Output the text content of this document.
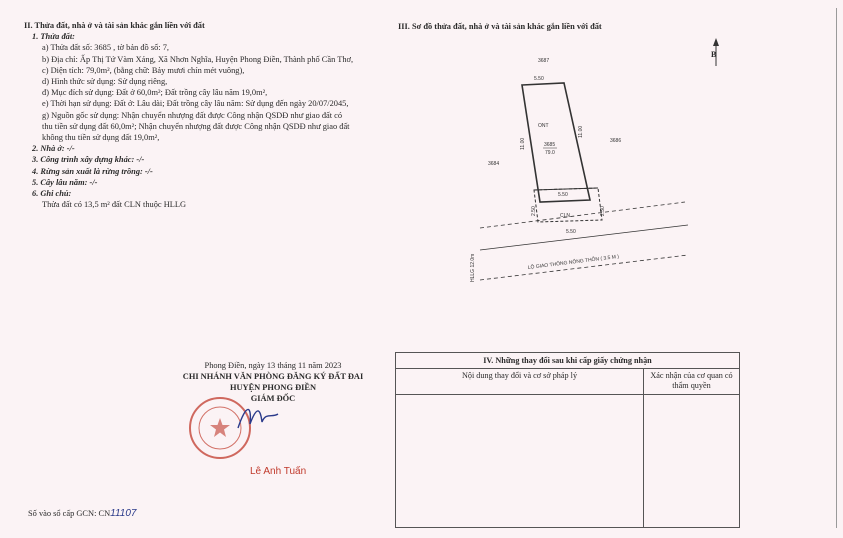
II. Thửa đất, nhà ở và tài sản khác gắn liền với đất
1. Thửa đất:
a) Thửa đất số: 3685 , tờ bản đồ số: 7,
b) Địa chỉ: Ấp Thị Tứ Vàm Xáng, Xã Nhơn Nghĩa, Huyện Phong Điền, Thành phố Cần Thơ,
c) Diện tích: 79,0m², (bằng chữ: Bảy mươi chín mét vuông),
d) Hình thức sử dụng: Sử dụng riêng,
đ) Mục đích sử dụng: Đất ở 60,0m²; Đất trồng cây lâu năm 19,0m²,
e) Thời hạn sử dụng: Đất ở: Lâu dài; Đất trồng cây lâu năm: Sử dụng đến ngày 20/07/2045,
g) Nguồn gốc sử dụng: Nhận chuyển nhượng đất được Công nhận QSDĐ như giao đất có
thu tiền sử dụng đất 60,0m²; Nhận chuyển nhượng đất được Công nhận QSDĐ như giao đất
không thu tiền sử dụng đất 19,0m²,
2. Nhà ở: -/-
3. Công trình xây dựng khác: -/-
4. Rừng sản xuất là rừng trồng: -/-
5. Cây lâu năm: -/-
6. Ghi chú:
Thửa đất có 13,5 m² đất CLN thuộc HLLG
III. Sơ đồ thửa đất, nhà ở và tài sản khác gắn liền với đất
B
3687
3684
3686
5.50
11.00
11.00
ONT
3685
79.0
5.50
CLN
2.50	2.50
5.50
HLLG 12.0m	LỘ GIAO THÔNG NÔNG THÔN ( 3.5 M )
Phong Điền, ngày 13 tháng 11 năm 2023
CHI NHÁNH VĂN PHÒNG ĐĂNG KÝ ĐẤT ĐAI
HUYỆN PHONG ĐIỀN
GIÁM ĐỐC
Lê Anh Tuấn
Số vào sổ cấp GCN: CN11107
IV. Những thay đổi sau khi cấp giấy chứng nhận	
Nội dung thay đổi và cơ sở pháp lý	Xác nhận của cơ quan có thẩm quyền
